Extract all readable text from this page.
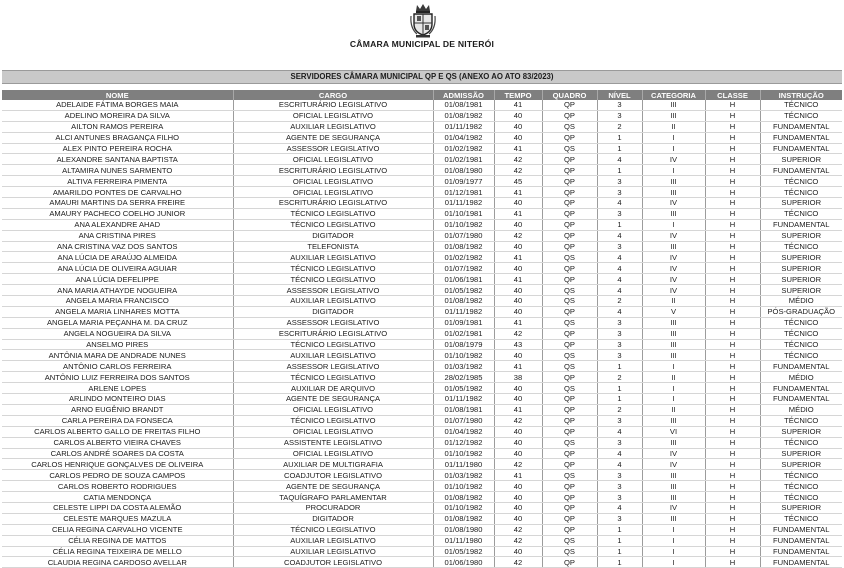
CÂMARA MUNICIPAL DE NITERÓI
SERVIDORES CÂMARA MUNICIPAL QP E QS (ANEXO AO ATO 83/2023)
NOME	CARGO	ADMISSÃO	TEMPO	QUADRO	NÍVEL	CATEGORIA	CLASSE	INSTRUÇÃO
ADELAIDE FÁTIMA BORGES MAIA	ESCRITURÁRIO LEGISLATIVO	01/08/1981	41	QP	3	III	H	TÉCNICO
ADELINO MOREIRA DA SILVA	OFICIAL LEGISLATIVO	01/08/1982	40	QP	3	III	H	TÉCNICO
AILTON RAMOS PEREIRA	AUXILIAR LEGISLATIVO	01/11/1982	40	QS	2	II	H	FUNDAMENTAL
ALCI ANTUNES BRAGANÇA FILHO	AGENTE DE SEGURANÇA	01/04/1982	40	QP	1	I	H	FUNDAMENTAL
ALEX PINTO PEREIRA ROCHA	ASSESSOR LEGISLATIVO	01/02/1982	41	QS	1	I	H	FUNDAMENTAL
ALEXANDRE SANTANA BAPTISTA	OFICIAL LEGISLATIVO	01/02/1981	42	QP	4	IV	H	SUPERIOR
ALTAMIRA NUNES SARMENTO	ESCRITURÁRIO LEGISLATIVO	01/08/1980	42	QP	1	I	H	FUNDAMENTAL
ALTIVA FERREIRA PIMENTA	OFICIAL LEGISLATIVO	01/09/1977	45	QP	3	III	H	TÉCNICO
AMARILDO PONTES DE CARVALHO	OFICIAL LEGISLATIVO	01/12/1981	41	QP	3	III	H	TÉCNICO
AMAURI MARTINS DA SERRA FREIRE	ESCRITURÁRIO LEGISLATIVO	01/11/1982	40	QP	4	IV	H	SUPERIOR
AMAURY PACHECO COELHO JUNIOR	TÉCNICO LEGISLATIVO	01/10/1981	41	QP	3	III	H	TÉCNICO
ANA ALEXANDRE AHAD	TÉCNICO LEGISLATIVO	01/10/1982	40	QP	1	I	H	FUNDAMENTAL
ANA CRISTINA PIRES	DIGITADOR	01/07/1980	42	QP	4	IV	H	SUPERIOR
ANA CRISTINA VAZ DOS SANTOS	TELEFONISTA	01/08/1982	40	QP	3	III	H	TÉCNICO
ANA LÚCIA DE ARAÚJO ALMEIDA	AUXILIAR LEGISLATIVO	01/02/1982	41	QS	4	IV	H	SUPERIOR
ANA LÚCIA DE OLIVEIRA AGUIAR	TÉCNICO LEGISLATIVO	01/07/1982	40	QP	4	IV	H	SUPERIOR
ANA LÚCIA DEFELIPPE	TÉCNICO LEGISLATIVO	01/06/1981	41	QP	4	IV	H	SUPERIOR
ANA MARIA ATHAYDE NOGUEIRA	ASSESSOR LEGISLATIVO	01/05/1982	40	QS	4	IV	H	SUPERIOR
ANGELA MARIA FRANCISCO	AUXILIAR LEGISLATIVO	01/08/1982	40	QS	2	II	H	MÉDIO
ANGELA MARIA LINHARES MOTTA	DIGITADOR	01/11/1982	40	QP	4	V	H	PÓS-GRADUAÇÃO
ANGELA MARIA PEÇANHA M. DA CRUZ	ASSESSOR LEGISLATIVO	01/09/1981	41	QS	3	III	H	TÉCNICO
ANGELA NOGUEIRA DA SILVA	ESCRITURÁRIO LEGISLATIVO	01/02/1981	42	QP	3	III	H	TÉCNICO
ANSELMO PIRES	TÉCNICO LEGISLATIVO	01/08/1979	43	QP	3	III	H	TÉCNICO
ANTÔNIA MARA DE ANDRADE NUNES	AUXILIAR LEGISLATIVO	01/10/1982	40	QS	3	III	H	TÉCNICO
ANTÔNIO CARLOS FERREIRA	ASSESSOR LEGISLATIVO	01/03/1982	41	QS	1	I	H	FUNDAMENTAL
ANTÔNIO LUIZ FERREIRA DOS SANTOS	TÉCNICO LEGISLATIVO	28/02/1985	38	QP	2	II	H	MÉDIO
ARLENE LOPES	AUXILIAR DE ARQUIVO	01/05/1982	40	QS	1	I	H	FUNDAMENTAL
ARLINDO MONTEIRO DIAS	AGENTE DE SEGURANÇA	01/11/1982	40	QP	1	I	H	FUNDAMENTAL
ARNO EUGÊNIO BRANDT	OFICIAL LEGISLATIVO	01/08/1981	41	QP	2	II	H	MÉDIO
CARLA PEREIRA DA FONSECA	TÉCNICO LEGISLATIVO	01/07/1980	42	QP	3	III	H	TÉCNICO
CARLOS ALBERTO GALLO DE FREITAS FILHO	OFICIAL LEGISLATIVO	01/04/1982	40	QP	4	VI	H	SUPERIOR
CARLOS ALBERTO VIEIRA CHAVES	ASSISTENTE LEGISLATIVO	01/12/1982	40	QS	3	III	H	TÉCNICO
CARLOS ANDRÉ SOARES DA COSTA	OFICIAL LEGISLATIVO	01/10/1982	40	QP	4	IV	H	SUPERIOR
CARLOS HENRIQUE GONÇALVES DE OLIVEIRA	AUXILIAR DE MULTIGRAFIA	01/11/1980	42	QP	4	IV	H	SUPERIOR
CARLOS PEDRO DE SOUZA CAMPOS	COADJUTOR LEGISLATIVO	01/03/1982	41	QS	3	III	H	TÉCNICO
CARLOS ROBERTO RODRIGUES	AGENTE DE SEGURANÇA	01/10/1982	40	QP	3	III	H	TÉCNICO
CATIA MENDONÇA	TAQUÍGRAFO PARLAMENTAR	01/08/1982	40	QP	3	III	H	TÉCNICO
CELESTE LIPPI DA COSTA ALEMÃO	PROCURADOR	01/10/1982	40	QP	4	IV	H	SUPERIOR
CELESTE MARQUES MAZULA	DIGITADOR	01/08/1982	40	QP	3	III	H	TÉCNICO
CELIA REGINA CARVALHO VICENTE	TÉCNICO LEGISLATIVO	01/08/1980	42	QP	1	I	H	FUNDAMENTAL
CÉLIA REGINA DE MATTOS	AUXILIAR LEGISLATIVO	01/11/1980	42	QS	1	I	H	FUNDAMENTAL
CÉLIA REGINA TEIXEIRA DE MELLO	AUXILIAR LEGISLATIVO	01/05/1982	40	QS	1	I	H	FUNDAMENTAL
CLAUDIA REGINA CARDOSO AVELLAR	COADJUTOR LEGISLATIVO	01/06/1980	42	QP	1	I	H	FUNDAMENTAL
